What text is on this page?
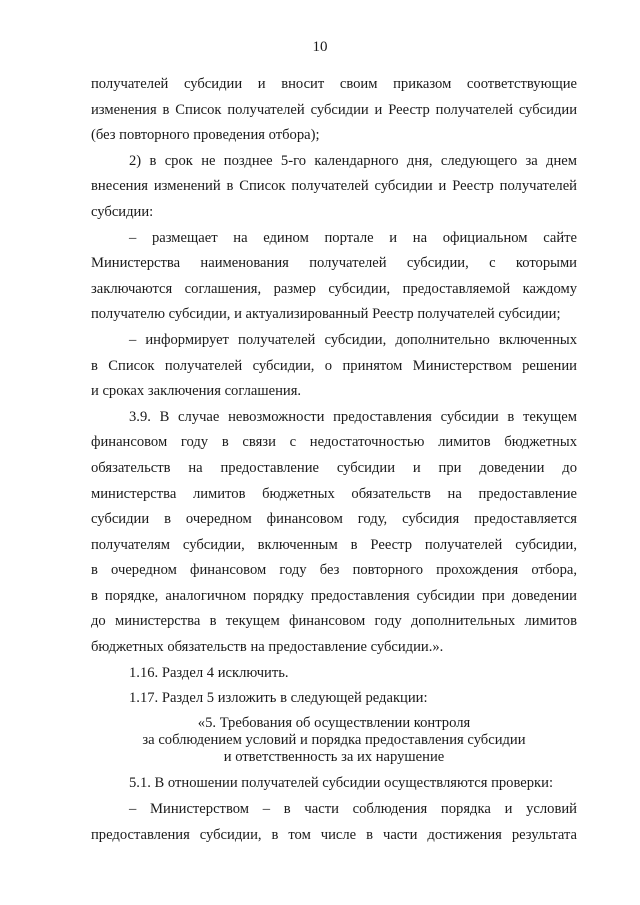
10
получателей субсидии и вносит своим приказом соответствующие
изменения в Список получателей субсидии и Реестр получателей субсидии
(без повторного проведения отбора);
2) в срок не позднее 5-го календарного дня, следующего за днем
внесения изменений в Список получателей субсидии и Реестр получателей
субсидии:
– размещает на едином портале и на официальном сайте
Министерства наименования получателей субсидии, с которыми
заключаются соглашения, размер субсидии, предоставляемой каждому
получателю субсидии, и актуализированный Реестр получателей субсидии;
– информирует получателей субсидии, дополнительно включенных
в Список получателей субсидии, о принятом Министерством решении
и сроках заключения соглашения.
3.9. В случае невозможности предоставления субсидии в текущем
финансовом году в связи с недостаточностью лимитов бюджетных
обязательств на предоставление субсидии и при доведении до
министерства лимитов бюджетных обязательств на предоставление
субсидии в очередном финансовом году, субсидия предоставляется
получателям субсидии, включенным в Реестр получателей субсидии,
в очередном финансовом году без повторного прохождения отбора,
в порядке, аналогичном порядку предоставления субсидии при доведении
до министерства в текущем финансовом году дополнительных лимитов
бюджетных обязательств на предоставление субсидии.».
1.16. Раздел 4 исключить.
1.17. Раздел 5 изложить в следующей редакции:
«5. Требования об осуществлении контроля
за соблюдением условий и порядка предоставления субсидии
и ответственность за их нарушение
5.1. В отношении получателей субсидии осуществляются проверки:
– Министерством – в части соблюдения порядка и условий
предоставления субсидии, в том числе в части достижения результата
